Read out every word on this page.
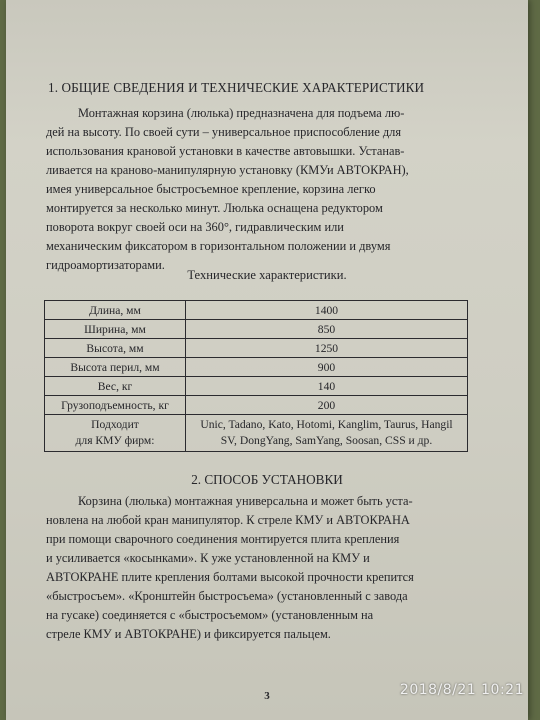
1. ОБЩИЕ СВЕДЕНИЯ И ТЕХНИЧЕСКИЕ ХАРАКТЕРИСТИКИ
Монтажная корзина (люлька) предназначена для подъема лю-
дей на высоту. По своей сути – универсальное приспособление для
использования крановой установки в качестве автовышки. Устанав-
ливается на краново-манипулярную установку (КМУи АВТОКРАН),
имея универсальное быстросъемное крепление, корзина легко
монтируется за несколько минут. Люлька оснащена редуктором
поворота вокруг своей оси на 360°, гидравлическим или
механическим фиксатором в горизонтальном положении и двумя
гидроамортизаторами.
Технические характеристики.
Длина, мм	1400
Ширина, мм	850
Высота, мм	1250
Высота перил, мм	900
Вес, кг	140
Грузоподъемность, кг	200
Подходит
для КМУ фирм:	Unic, Tadano, Kato, Hotomi, Kanglim, Taurus, Hangil
SV, DongYang, SamYang, Soosan, CSS и др.
2. СПОСОБ УСТАНОВКИ
Корзина (люлька) монтажная универсальна и может быть уста-
новлена на любой кран манипулятор. К стреле КМУ и АВТОКРАНА
при помощи сварочного соединения монтируется плита крепления
и усиливается «косынками». К уже установленной на КМУ и
АВТОКРАНЕ плите крепления болтами высокой прочности крепится
«быстросъем». «Кронштейн быстросъема» (установленный с завода
на гусаке) соединяется с «быстросъемом» (установленным на
стреле КМУ и АВТОКРАНЕ) и фиксируется пальцем.
3	2018/8/21 10:21
